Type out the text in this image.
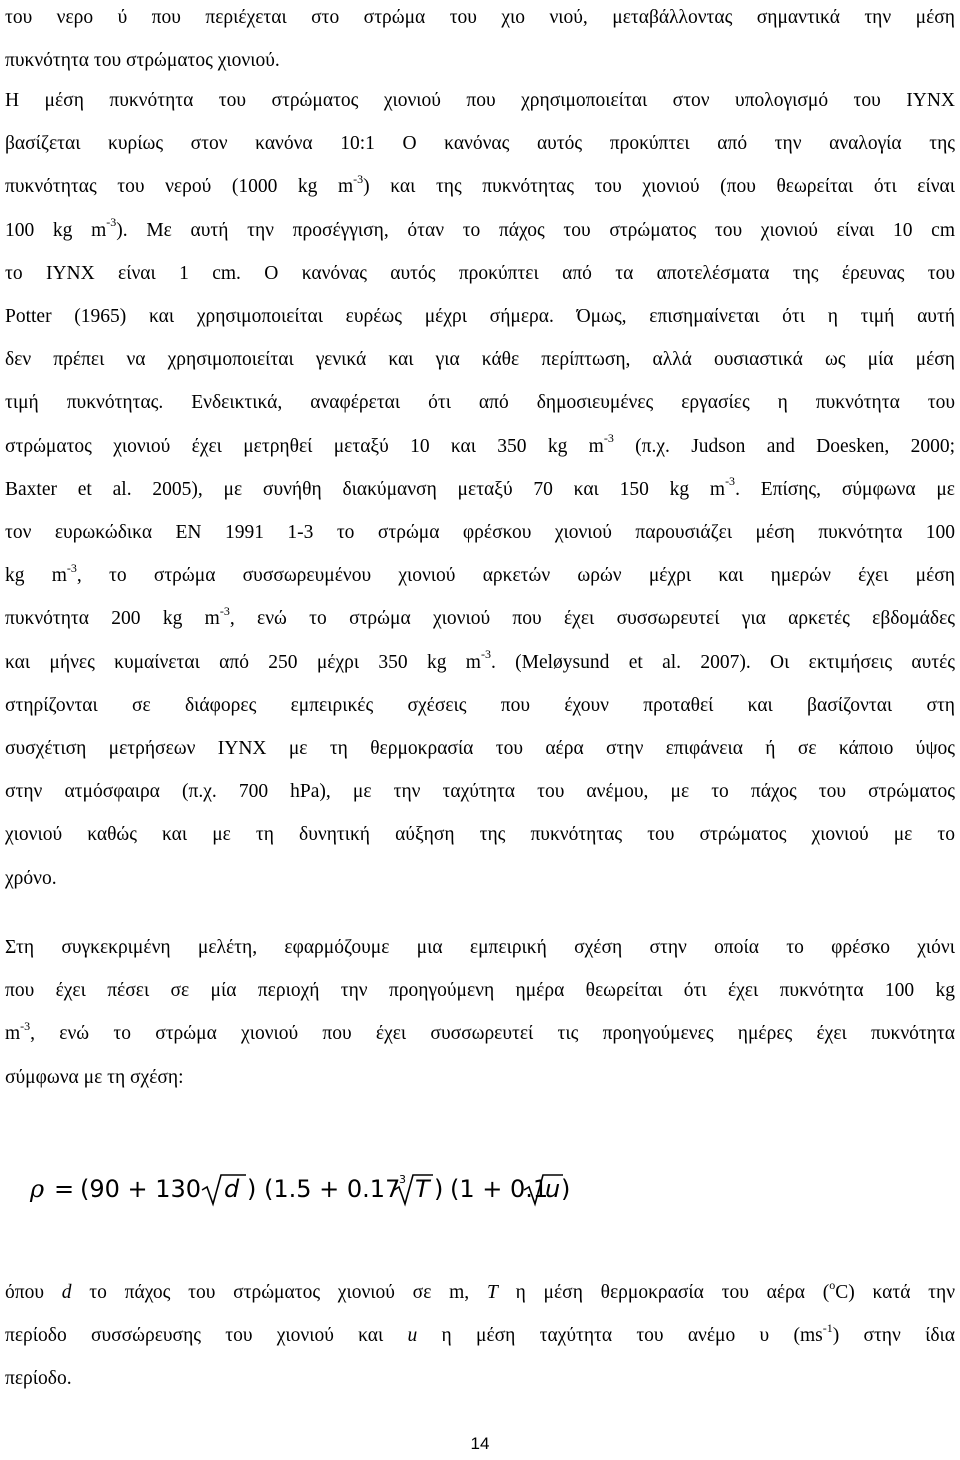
του νερο ύ που περιέχεται στο στρώμα του χιο νιού, μεταβάλλοντας σημαντικά την μέση
πυκνότητα του στρώματος χιονιού.
Η μέση πυκνότητα του στρώματος χιονιού που χρησιμοποιείται στον υπολογισμό του IYNX
βασίζεται κυρίως στον κανόνα 10:1 Ο κανόνας αυτός προκύπτει από την αναλογία της
πυκνότητας του νερού (1000 kg $m^{-3}$) και της πυκνότητας του χιονιού (που θεωρείται ότι είναι
100 kg $m^{-3}$). Με αυτή την προσέγγιση, όταν το πάχος του στρώματος του χιονιού είναι 10 cm
το IYNX είναι 1 cm. Ο κανόνας αυτός προκύπτει από τα αποτελέσματα της έρευνας του
Potter (1965) και χρησιμοποιείται ευρέως μέχρι σήμερα. Όμως, επισημαίνεται ότι η τιμή αυτή
δεν πρέπει να χρησιμοποιείται γενικά και για κάθε περίπτωση, αλλά ουσιαστικά ως μία μέση
τιμή πυκνότητας. Ενδεικτικά, αναφέρεται ότι από δημοσιευμένες εργασίες η πυκνότητα του
στρώματος χιονιού έχει μετρηθεί μεταξύ 10 και 350 kg $m^{-3}$ (π.χ. Judson and Doesken, 2000;
Baxter et al. 2005), με συνήθη διακύμανση μεταξύ 70 και 150 kg $m^{-3}$. Επίσης, σύμφωνα με
τον ευρωκώδικα EN 1991 1-3 το στρώμα φρέσκου χιονιού παρουσιάζει μέση πυκνότητα 100
kg $m^{-3}$, το στρώμα συσσωρευμένου χιονιού αρκετών ωρών μέχρι και ημερών έχει μέση
πυκνότητα 200 kg $m^{-3}$, ενώ το στρώμα χιονιού που έχει συσσωρευτεί για αρκετές εβδομάδες
και μήνες κυμαίνεται από 250 μέχρι 350 kg $m^{-3}$. (Meløysund et al. 2007). Οι εκτιμήσεις αυτές
στηρίζονται σε διάφορες εμπειρικές σχέσεις που έχουν προταθεί και βασίζονται στη
συσχέτιση μετρήσεων IYNX με τη θερμοκρασία του αέρα στην επιφάνεια ή σε κάποιο ύψος
στην ατμόσφαιρα (π.χ. 700 hPa), με την ταχύτητα του ανέμου, με το πάχος του στρώματος
χιονιού καθώς και με τη δυνητική αύξηση της πυκνότητας του στρώματος χιονιού με το
χρόνο.
Στη συγκεκριμένη μελέτη, εφαρμόζουμε μια εμπειρική σχέση στην οποία το φρέσκο χιόνι
που έχει πέσει σε μία περιοχή την προηγούμενη ημέρα θεωρείται ότι έχει πυκνότητα 100 kg
$m^{-3}$, ενώ το στρώμα χιονιού που έχει συσσωρευτεί τις προηγούμενες ημέρες έχει πυκνότητα
σύμφωνα με τη σχέση:
όπου d το πάχος του στρώματος χιονιού σε m, T η μέση θερμοκρασία του αέρα ($^o$C) κατά την
περίοδο συσσώρευσης του χιονιού και u η μέση ταχύτητα του ανέμο υ $(ms^{-1})$ στην ίδια
περίοδο.
ρ = (90 + 130 d ) (1.5 + 0.17
3 T ) (1 + 0.1
u )
14
